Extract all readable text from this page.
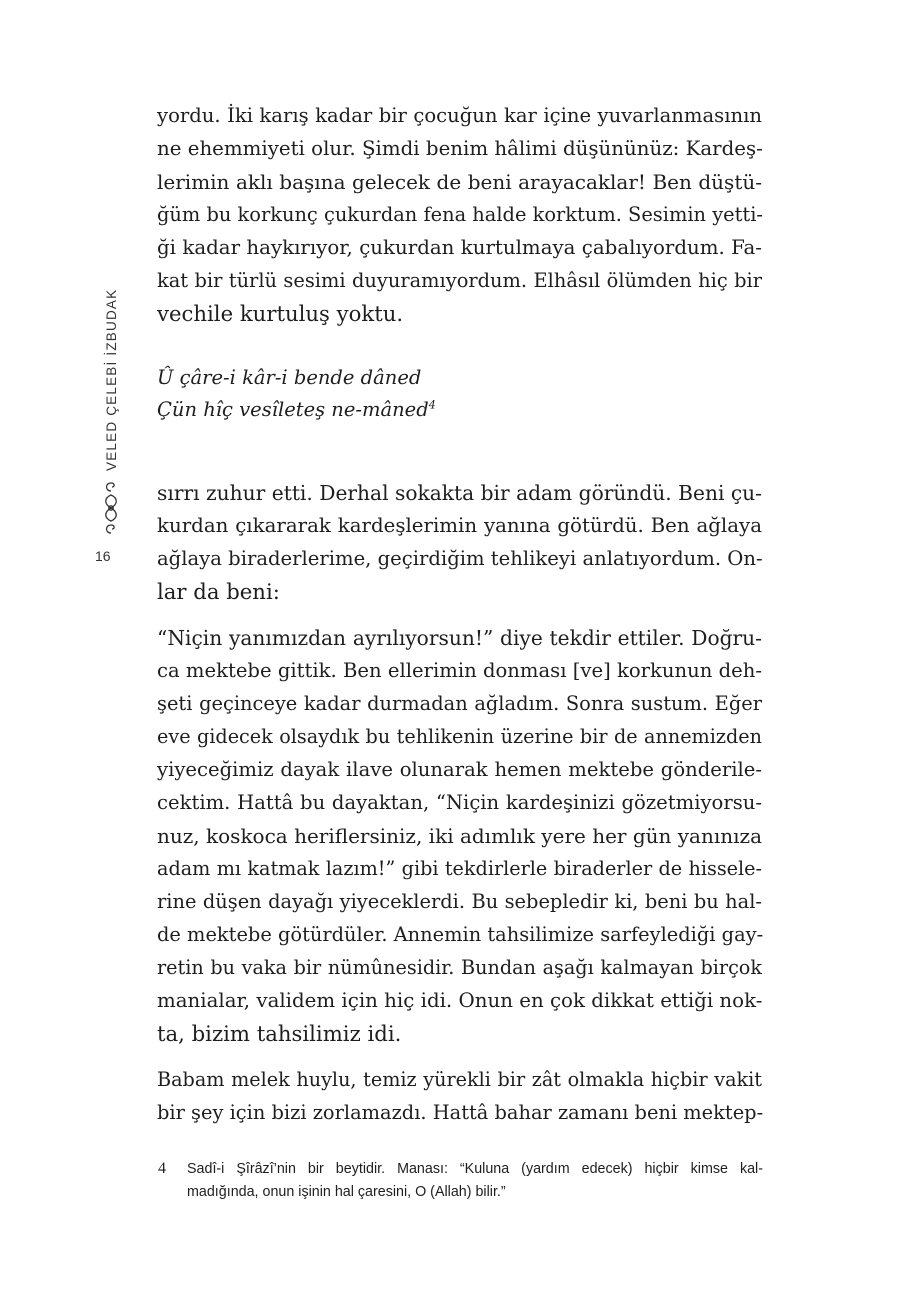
VELED ÇELEBİ İZBUDAK
16
yordu. İki karış kadar bir çocuğun kar içine yuvarlanmasının
ne ehemmiyeti olur. Şimdi benim hâlimi düşününüz: Kardeş-
lerimin aklı başına gelecek de beni arayacaklar! Ben düştü-
ğüm bu korkunç çukurdan fena halde korktum. Sesimin yetti-
ği kadar haykırıyor, çukurdan kurtulmaya çabalıyordum. Fa-
kat bir türlü sesimi duyuramıyordum. Elhâsıl ölümden hiç bir
vechile kurtuluş yoktu.
Û çâre-i kâr-i bende dâned
Çün hîç vesîleteş ne-mâned$^4$
sırrı zuhur etti. Derhal sokakta bir adam göründü. Beni çu-
kurdan çıkararak kardeşlerimin yanına götürdü. Ben ağlaya
ağlaya biraderlerime, geçirdiğim tehlikeyi anlatıyordum. On-
lar da beni:
“Niçin yanımızdan ayrılıyorsun!” diye tekdir ettiler. Doğru-
ca mektebe gittik. Ben ellerimin donması [ve] korkunun deh-
şeti geçinceye kadar durmadan ağladım. Sonra sustum. Eğer
eve gidecek olsaydık bu tehlikenin üzerine bir de annemizden
yiyeceğimiz dayak ilave olunarak hemen mektebe gönderile-
cektim. Hattâ bu dayaktan, “Niçin kardeşinizi gözetmiyorsu-
nuz, koskoca heriflersiniz, iki adımlık yere her gün yanınıza
adam mı katmak lazım!” gibi tekdirlerle biraderler de hissele-
rine düşen dayağı yiyeceklerdi. Bu sebepledir ki, beni bu hal-
de mektebe götürdüler. Annemin tahsilimize sarfeylediği gay-
retin bu vaka bir nümûnesidir. Bundan aşağı kalmayan birçok
manialar, validem için hiç idi. Onun en çok dikkat ettiği nok-
ta, bizim tahsilimiz idi.
Babam melek huylu, temiz yürekli bir zât olmakla hiçbir vakit
bir şey için bizi zorlamazdı. Hattâ bahar zamanı beni mektep-
4 Sadî-i Şîrâzî’nin bir beytidir. Manası: “Kuluna (yardım edecek) hiçbir kimse kal-
madığında, onun işinin hal çaresini, O (Allah) bilir.”
